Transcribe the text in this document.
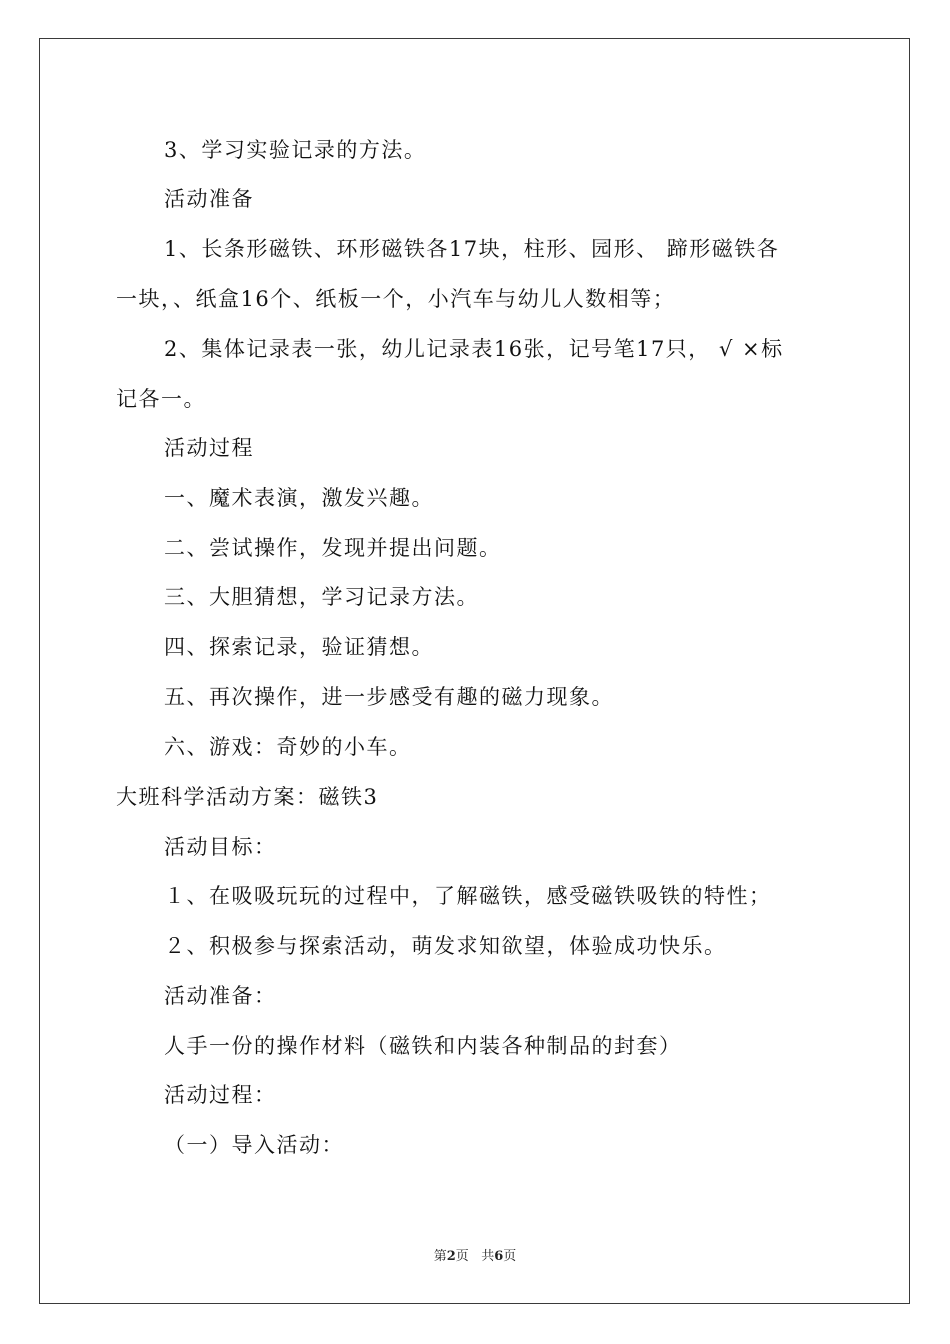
3、学习实验记录的方法。
活动准备
1、长条形磁铁、环形磁铁各17块，柱形、园形、 蹄形磁铁各
一块，、纸盒16个、纸板一个，小汽车与幼儿人数相等；
2、集体记录表一张，幼儿记录表16张，记号笔17只， √ ×标
记各一。
活动过程
一、魔术表演，激发兴趣。
二、尝试操作，发现并提出问题。
三、大胆猜想，学习记录方法。
四、探索记录，验证猜想。
五、再次操作，进一步感受有趣的磁力现象。
六、游戏：奇妙的小车。
大班科学活动方案：磁铁3
活动目标：
１、在吸吸玩玩的过程中，了解磁铁，感受磁铁吸铁的特性；
２、积极参与探索活动，萌发求知欲望，体验成功快乐。
活动准备：
人手一份的操作材料（磁铁和内装各种制品的封套）
活动过程：
（一）导入活动：
第2页 共6页
